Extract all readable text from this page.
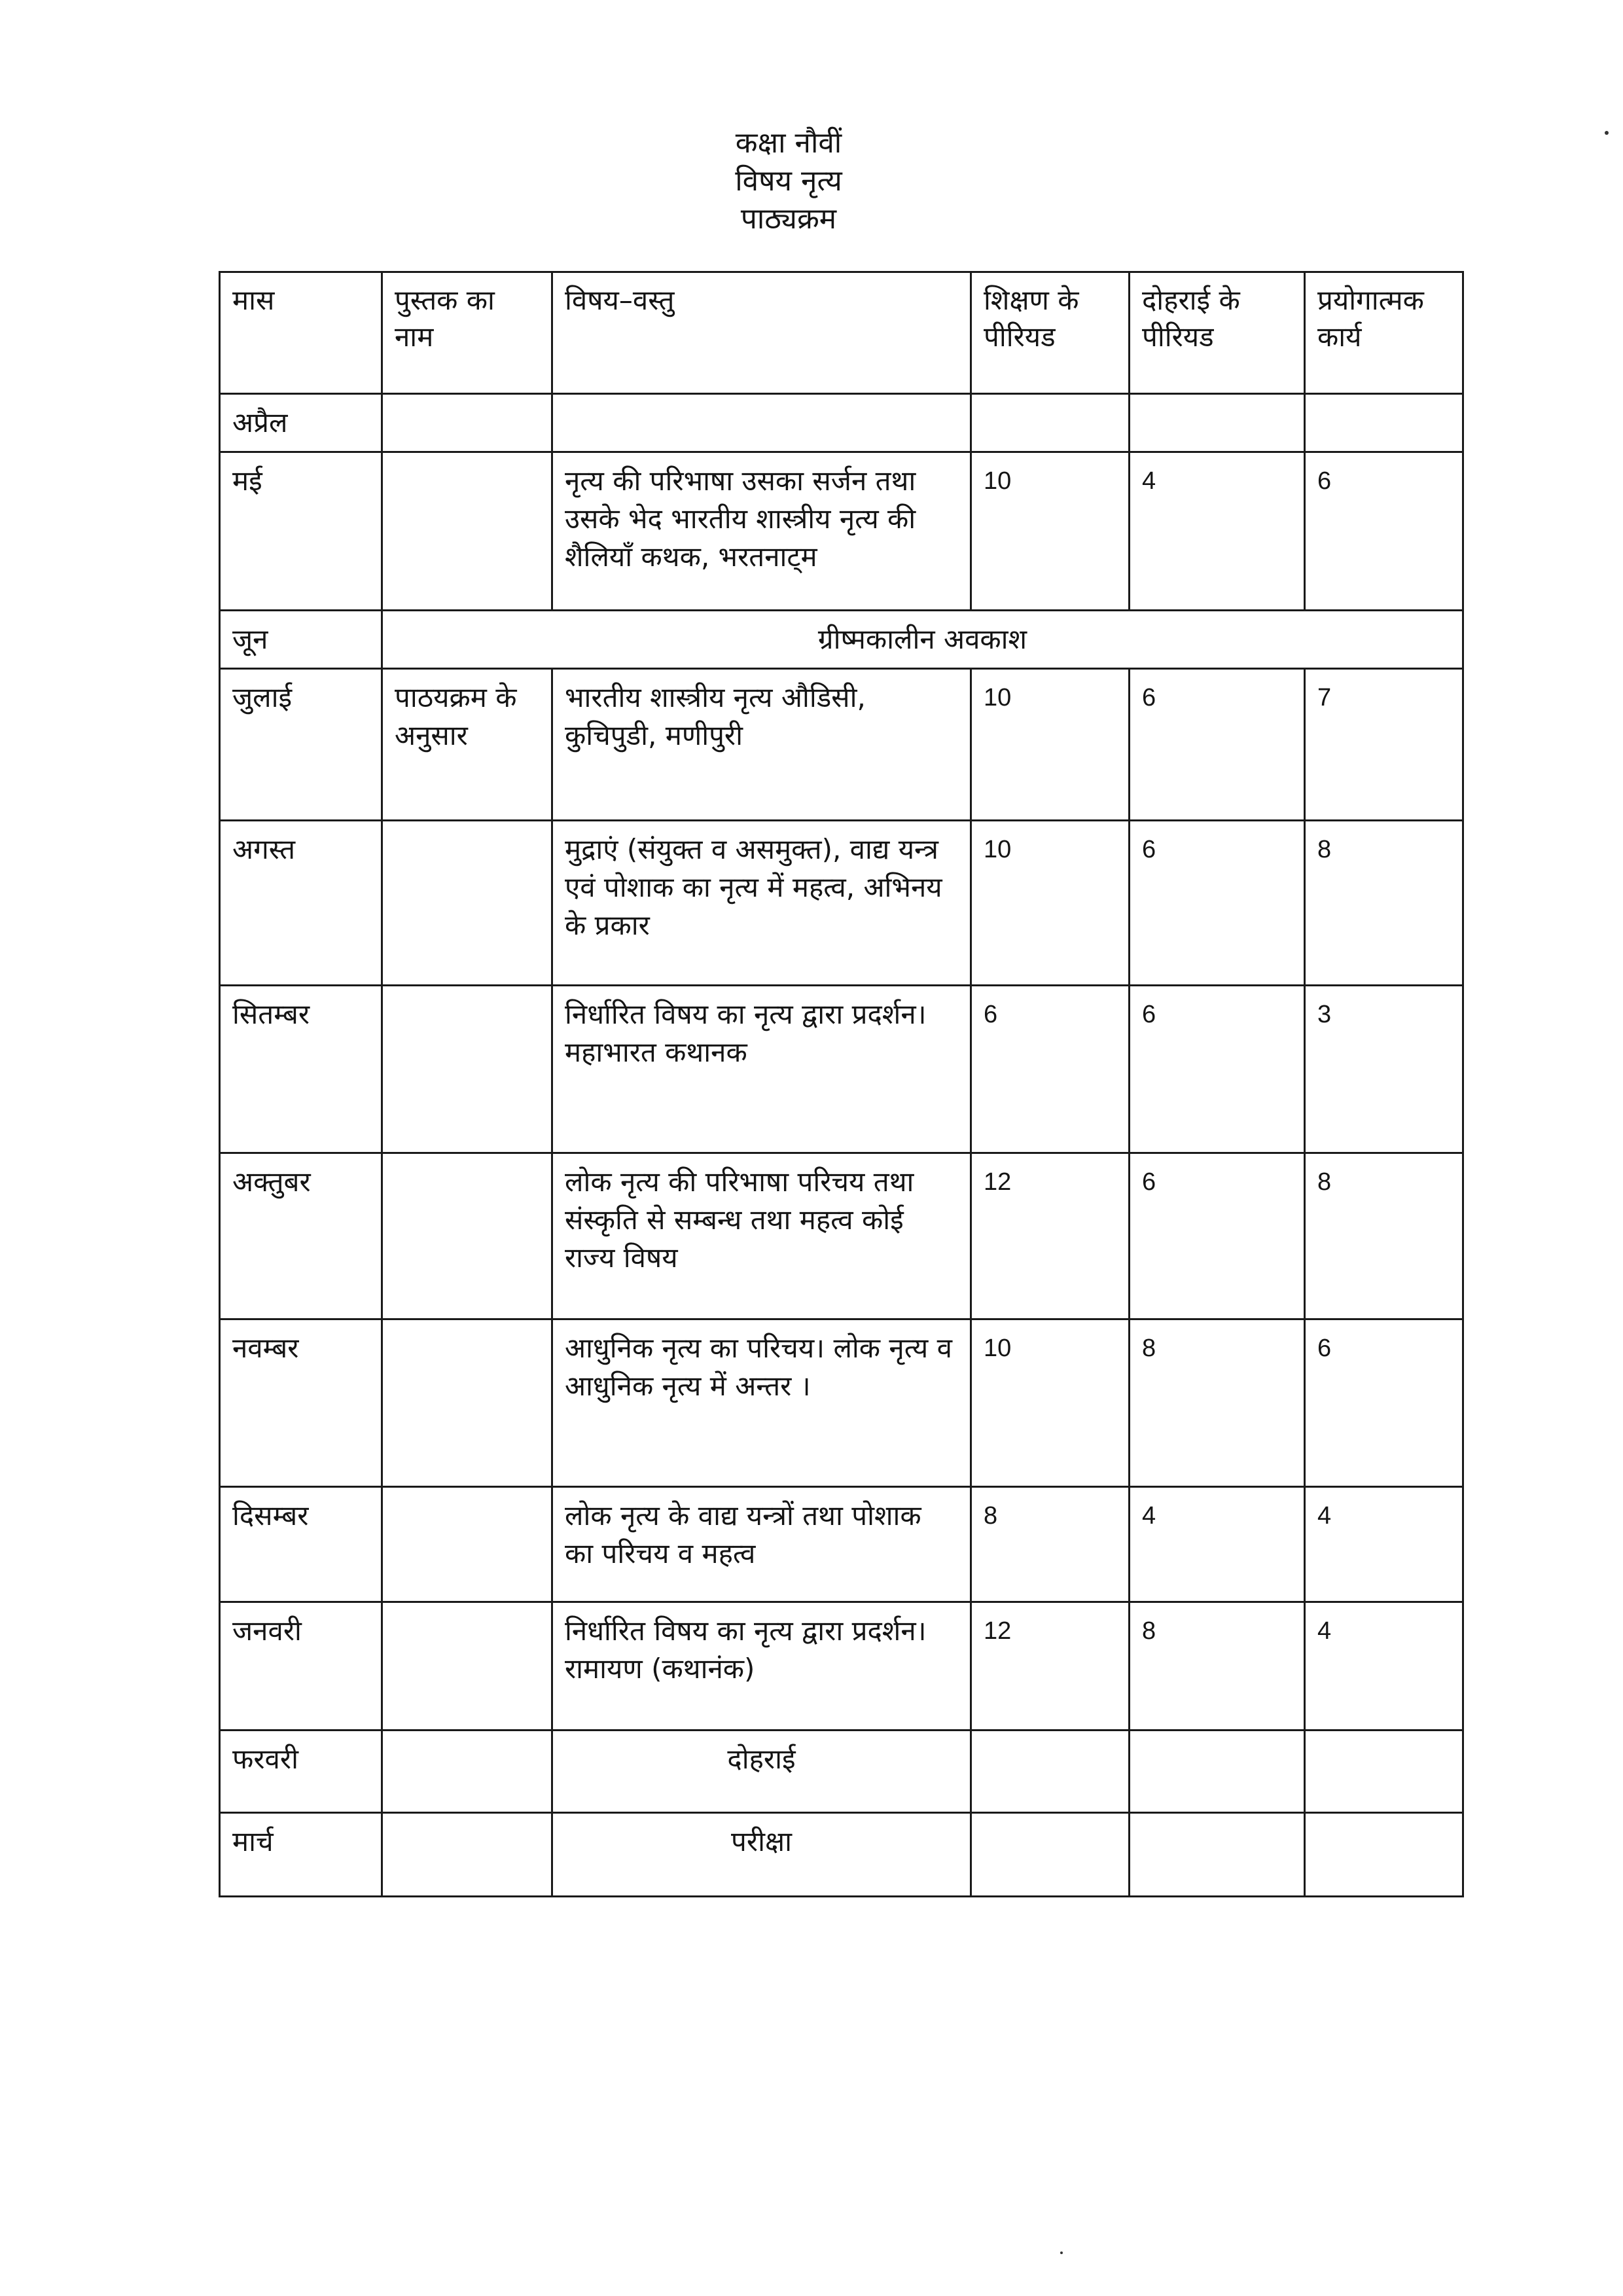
कक्षा नौवीं
विषय नृत्य
पाठ्यक्रम
मास	पुस्तक का नाम	विषय–वस्तु	शिक्षण के पीरियड	दोहराई के पीरियड	प्रयोगात्मक कार्य
अप्रैल					
मई		नृत्य की परिभाषा उसका सर्जन तथा उसके भेद भारतीय शास्त्रीय नृत्य की शैलियॉं कथक, भरतनाट्म	10	4	6
जून	ग्रीष्मकालीन अवकाश				
जुलाई	पाठयक्रम के अनुसार	भारतीय शास्त्रीय नृत्य औडिसी, कुचिपुडी, मणीपुरी	10	6	7
अगस्त		मुद्राएं (संयुक्त व असमुक्त), वाद्य यन्त्र एवं पोशाक का नृत्य में महत्व, अभिनय के प्रकार	10	6	8
सितम्बर		निर्धारित विषय का नृत्य द्वारा प्रदर्शन। महाभारत कथानक	6	6	3
अक्तुबर		लोक नृत्य की परिभाषा परिचय तथा संस्कृति से सम्बन्ध तथा महत्व कोई राज्य विषय	12	6	8
नवम्बर		आधुनिक नृत्य का परिचय। लोक नृत्य व आधुनिक नृत्य में अन्तर ।	10	8	6
दिसम्बर		लोक नृत्य के वाद्य यन्त्रों तथा पोशाक का परिचय व महत्व	8	4	4
जनवरी		निर्धारित विषय का नृत्य द्वारा प्रदर्शन। रामायण (कथानंक)	12	8	4
फरवरी		दोहराई			
मार्च		परीक्षा			
